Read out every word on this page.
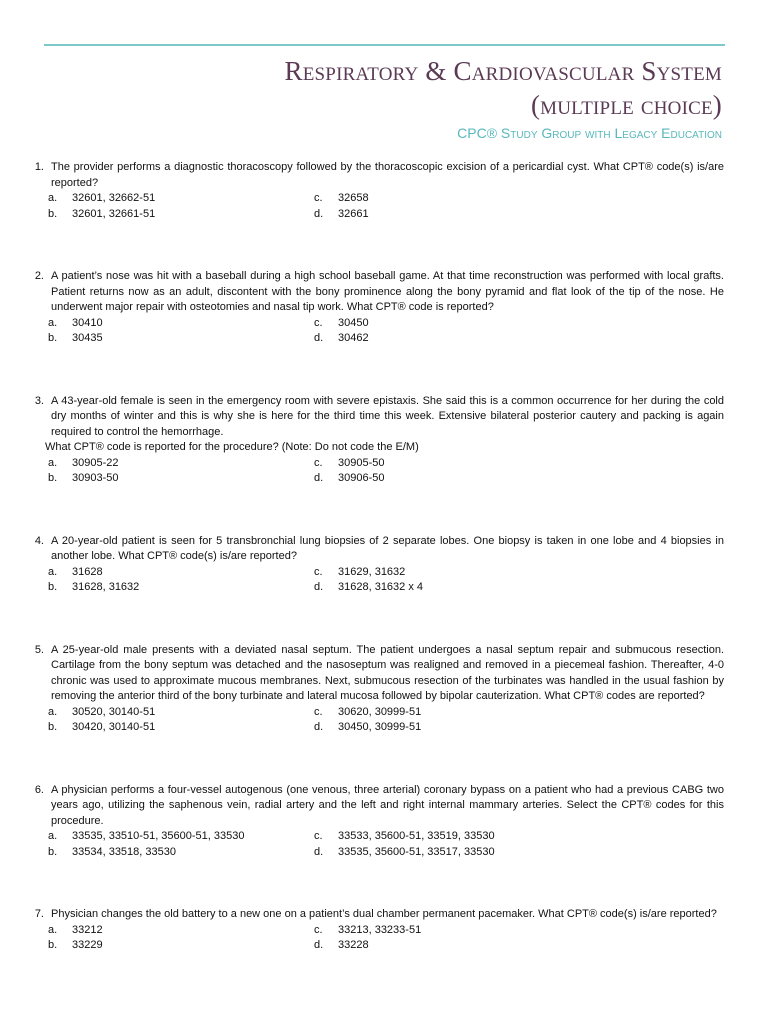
Respiratory & Cardiovascular System
(multiple choice)
CPC® Study Group with Legacy Education
1. The provider performs a diagnostic thoracoscopy followed by the thoracoscopic excision of a pericardial cyst. What CPT® code(s) is/are reported?
a. 32601, 32662-51
b. 32601, 32661-51
c. 32658
d. 32661
2. A patient’s nose was hit with a baseball during a high school baseball game. At that time reconstruction was performed with local grafts. Patient returns now as an adult, discontent with the bony prominence along the bony pyramid and flat look of the tip of the nose. He underwent major repair with osteotomies and nasal tip work. What CPT® code is reported?
a. 30410
b. 30435
c. 30450
d. 30462
3. A 43-year-old female is seen in the emergency room with severe epistaxis. She said this is a common occurrence for her during the cold dry months of winter and this is why she is here for the third time this week. Extensive bilateral posterior cautery and packing is again required to control the hemorrhage.
What CPT® code is reported for the procedure? (Note: Do not code the E/M)
a. 30905-22
b. 30903-50
c. 30905-50
d. 30906-50
4. A 20-year-old patient is seen for 5 transbronchial lung biopsies of 2 separate lobes. One biopsy is taken in one lobe and 4 biopsies in another lobe. What CPT® code(s) is/are reported?
a. 31628
b. 31628, 31632
c. 31629, 31632
d. 31628, 31632 x 4
5. A 25-year-old male presents with a deviated nasal septum. The patient undergoes a nasal septum repair and submucous resection. Cartilage from the bony septum was detached and the nasoseptum was realigned and removed in a piecemeal fashion. Thereafter, 4-0 chronic was used to approximate mucous membranes. Next, submucous resection of the turbinates was handled in the usual fashion by removing the anterior third of the bony turbinate and lateral mucosa followed by bipolar cauterization. What CPT® codes are reported?
a. 30520, 30140-51
b. 30420, 30140-51
c. 30620, 30999-51
d. 30450, 30999-51
6. A physician performs a four-vessel autogenous (one venous, three arterial) coronary bypass on a patient who had a previous CABG two years ago, utilizing the saphenous vein, radial artery and the left and right internal mammary arteries. Select the CPT® codes for this procedure.
a. 33535, 33510-51, 35600-51, 33530
b. 33534, 33518, 33530
c. 33533, 35600-51, 33519, 33530
d. 33535, 35600-51, 33517, 33530
7. Physician changes the old battery to a new one on a patient’s dual chamber permanent pacemaker. What CPT® code(s) is/are reported?
a. 33212
b. 33229
c. 33213, 33233-51
d. 33228
